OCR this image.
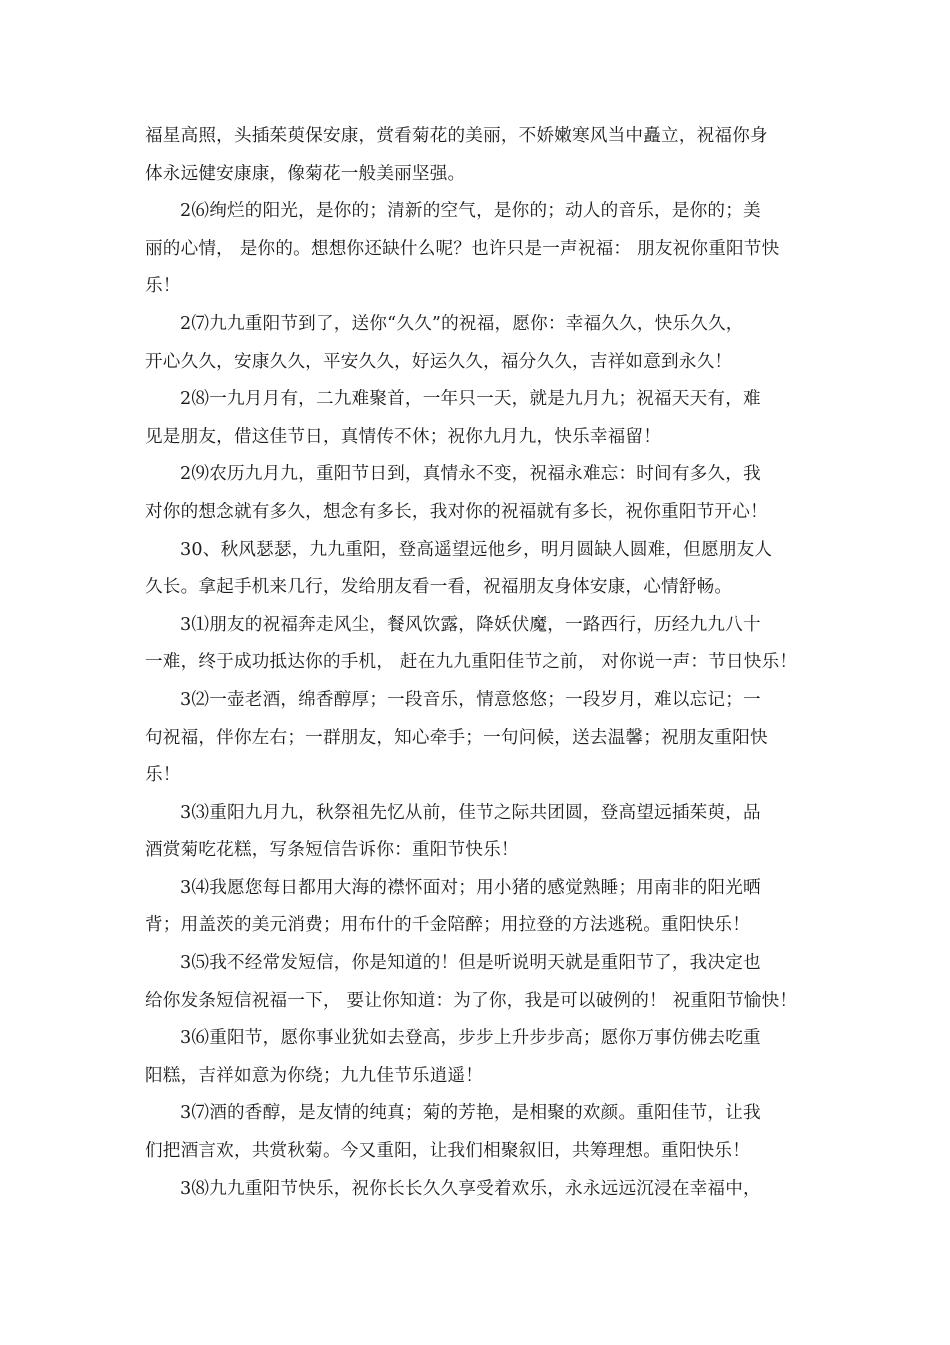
福星高照，头插茱萸保安康，赏看菊花的美丽，不娇嫩寒风当中矗立，祝福你身
体永远健安康康，像菊花一般美丽坚强。
2⑹绚烂的阳光，是你的；清新的空气，是你的；动人的音乐，是你的；美
丽的心情， 是你的。想想你还缺什么呢？也许只是一声祝福： 朋友祝你重阳节快
乐！
2⑺九九重阳节到了，送你“久久”的祝福，愿你：幸福久久，快乐久久，
开心久久，安康久久，平安久久，好运久久，福分久久，吉祥如意到永久！
2⑻一九月月有，二九难聚首，一年只一天，就是九月九；祝福天天有，难
见是朋友，借这佳节日，真情传不休；祝你九月九，快乐幸福留！
2⑼农历九月九，重阳节日到，真情永不变，祝福永难忘：时间有多久，我
对你的想念就有多久，想念有多长，我对你的祝福就有多长，祝你重阳节开心！
30、秋风瑟瑟，九九重阳，登高遥望远他乡，明月圆缺人圆难，但愿朋友人
久长。拿起手机来几行，发给朋友看一看，祝福朋友身体安康，心情舒畅。
3⑴朋友的祝福奔走风尘，餐风饮露，降妖伏魔，一路西行，历经九九八十
一难，终于成功抵达你的手机， 赶在九九重阳佳节之前， 对你说一声：节日快乐！
3⑵一壶老酒，绵香醇厚；一段音乐，情意悠悠；一段岁月，难以忘记；一
句祝福，伴你左右；一群朋友，知心牵手；一句问候，送去温馨；祝朋友重阳快
乐！
3⑶重阳九月九，秋祭祖先忆从前，佳节之际共团圆，登高望远插茱萸，品
酒赏菊吃花糕，写条短信告诉你：重阳节快乐！
3⑷我愿您每日都用大海的襟怀面对；用小猪的感觉熟睡；用南非的阳光晒
背；用盖茨的美元消费；用布什的千金陪醉；用拉登的方法逃税。重阳快乐！
3⑸我不经常发短信，你是知道的！但是听说明天就是重阳节了，我决定也
给你发条短信祝福一下， 要让你知道：为了你，我是可以破例的！ 祝重阳节愉快！
3⑹重阳节，愿你事业犹如去登高，步步上升步步高；愿你万事仿佛去吃重
阳糕，吉祥如意为你绕；九九佳节乐逍遥！
3⑺酒的香醇，是友情的纯真；菊的芳艳，是相聚的欢颜。重阳佳节，让我
们把酒言欢，共赏秋菊。今又重阳，让我们相聚叙旧，共筹理想。重阳快乐！
3⑻九九重阳节快乐，祝你长长久久享受着欢乐，永永远远沉浸在幸福中，
